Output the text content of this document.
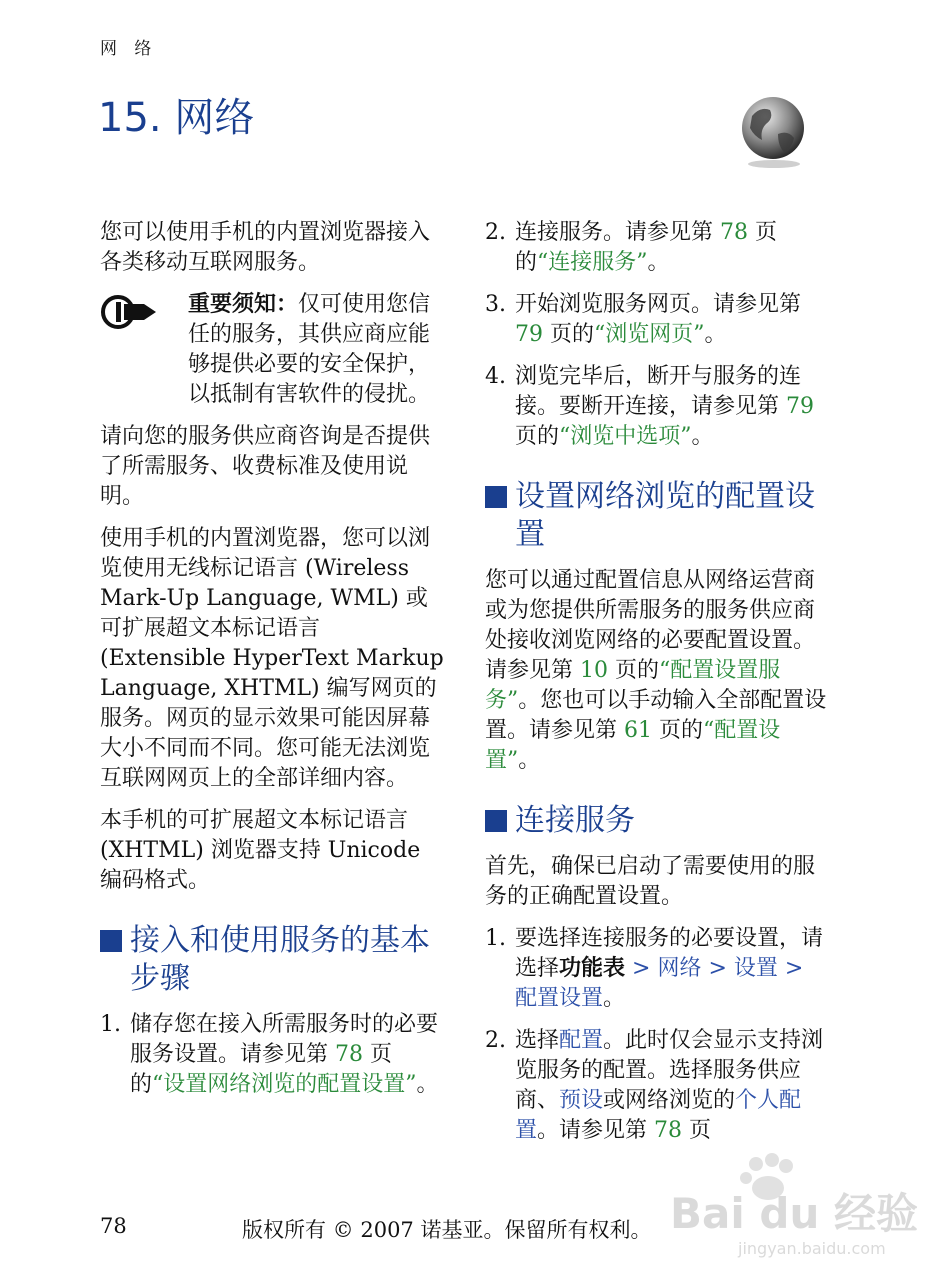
网 络
15. 网络

您可以使用手机的内置浏览器接入各类移动互联网服务。

重要须知：仅可使用您信任的服务，其供应商应能够提供必要的安全保护，以抵制有害软件的侵扰。

请向您的服务供应商咨询是否提供了所需服务、收费标准及使用说明。

使用手机的内置浏览器，您可以浏览使用无线标记语言 (Wireless Mark-Up Language, WML) 或可扩展超文本标记语言 (Extensible HyperText Markup Language, XHTML) 编写网页的服务。网页的显示效果可能因屏幕大小不同而不同。您可能无法浏览互联网网页上的全部详细内容。

本手机的可扩展超文本标记语言 (XHTML) 浏览器支持 Unicode 编码格式。

接入和使用服务的基本步骤
1. 储存您在接入所需服务时的必要服务设置。请参见第 78 页的“设置网络浏览的配置设置”。
2. 连接服务。请参见第 78 页的“连接服务”。
3. 开始浏览服务网页。请参见第 79 页的“浏览网页”。
4. 浏览完毕后，断开与服务的连接。要断开连接，请参见第 79 页的“浏览中选项”。
设置网络浏览的配置设置

您可以通过配置信息从网络运营商或为您提供所需服务的服务供应商处接收浏览网络的必要配置设置。请参见第 10 页的“配置设置服务”。您也可以手动输入全部配置设置。请参见第 61 页的“配置设置”。

连接服务

首先，确保已启动了需要使用的服务的正确配置设置。

1. 要选择连接服务的必要设置，请选择功能表 > 网络 > 设置 > 配置设置。
2. 选择配置。此时仅会显示支持浏览服务的配置。选择服务供应商、预设或网络浏览的个人配置。请参见第 78 页
78	版权所有 © 2007 诺基亚。保留所有权利。 Bai du 经验
jingyan.baidu.com
